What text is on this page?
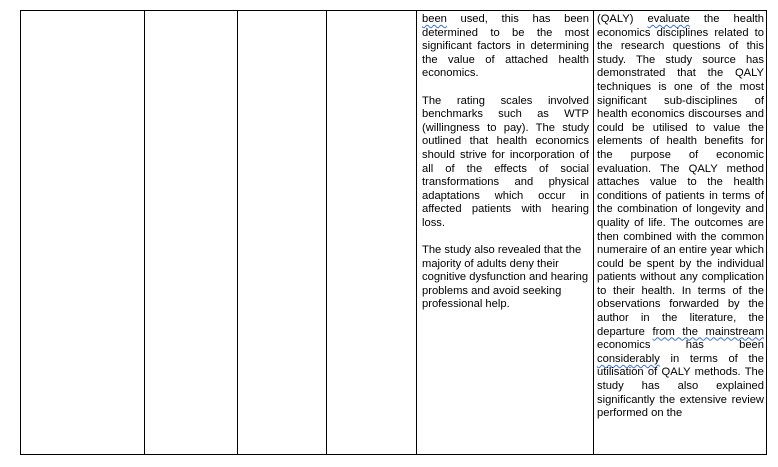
been used, this has been determined to be the most significant factors in determining the value of attached health economics.

The rating scales involved benchmarks such as WTP (willingness to pay). The study outlined that health economics should strive for incorporation of all of the effects of social transformations and physical adaptations which occur in affected patients with hearing loss.

The study also revealed that the majority of adults deny their cognitive dysfunction and hearing problems and avoid seeking professional help.

(QALY) evaluate the health economics disciplines related to the research questions of this study. The study source has demonstrated that the QALY techniques is one of the most significant sub-disciplines of health economics discourses and could be utilised to value the elements of health benefits for the purpose of economic evaluation. The QALY method attaches value to the health conditions of patients in terms of the combination of longevity and quality of life. The outcomes are then combined with the common numeraire of an entire year which could be spent by the individual patients without any complication to their health. In terms of the observations forwarded by the author in the literature, the departure from the mainstream economics has been considerably in terms of the utilisation of QALY methods. The study has also explained significantly the extensive review performed on the
